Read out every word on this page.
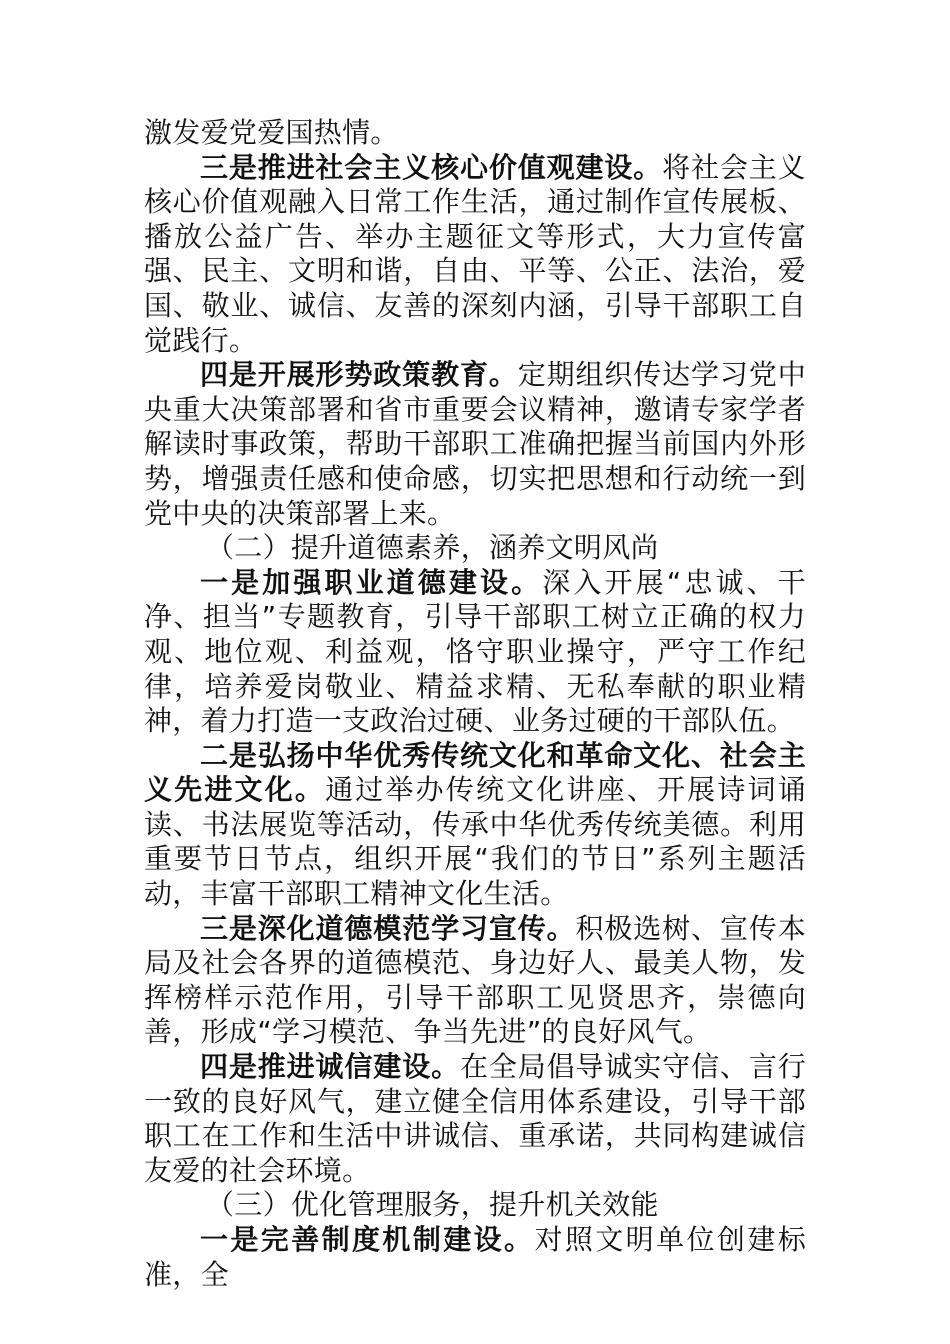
激发爱党爱国热情。

三是推进社会主义核心价值观建设。将社会主义核心价值观融入日常工作生活，通过制作宣传展板、播放公益广告、举办主题征文等形式，大力宣传富强、民主、文明和谐，自由、平等、公正、法治，爱国、敬业、诚信、友善的深刻内涵，引导干部职工自觉践行。

四是开展形势政策教育。定期组织传达学习党中央重大决策部署和省市重要会议精神，邀请专家学者解读时事政策，帮助干部职工准确把握当前国内外形势，增强责任感和使命感，切实把思想和行动统一到党中央的决策部署上来。

（二）提升道德素养，涵养文明风尚

一是加强职业道德建设。深入开展“忠诚、干净、担当”专题教育，引导干部职工树立正确的权力观、地位观、利益观，恪守职业操守，严守工作纪律，培养爱岗敬业、精益求精、无私奉献的职业精神，着力打造一支政治过硬、业务过硬的干部队伍。

二是弘扬中华优秀传统文化和革命文化、社会主义先进文化。通过举办传统文化讲座、开展诗词诵读、书法展览等活动，传承中华优秀传统美德。利用重要节日节点，组织开展“我们的节日”系列主题活动，丰富干部职工精神文化生活。

三是深化道德模范学习宣传。积极选树、宣传本局及社会各界的道德模范、身边好人、最美人物，发挥榜样示范作用，引导干部职工见贤思齐，崇德向善，形成“学习模范、争当先进”的良好风气。

四是推进诚信建设。在全局倡导诚实守信、言行一致的良好风气，建立健全信用体系建设，引导干部职工在工作和生活中讲诚信、重承诺，共同构建诚信友爱的社会环境。

（三）优化管理服务，提升机关效能

一是完善制度机制建设。对照文明单位创建标准，全
